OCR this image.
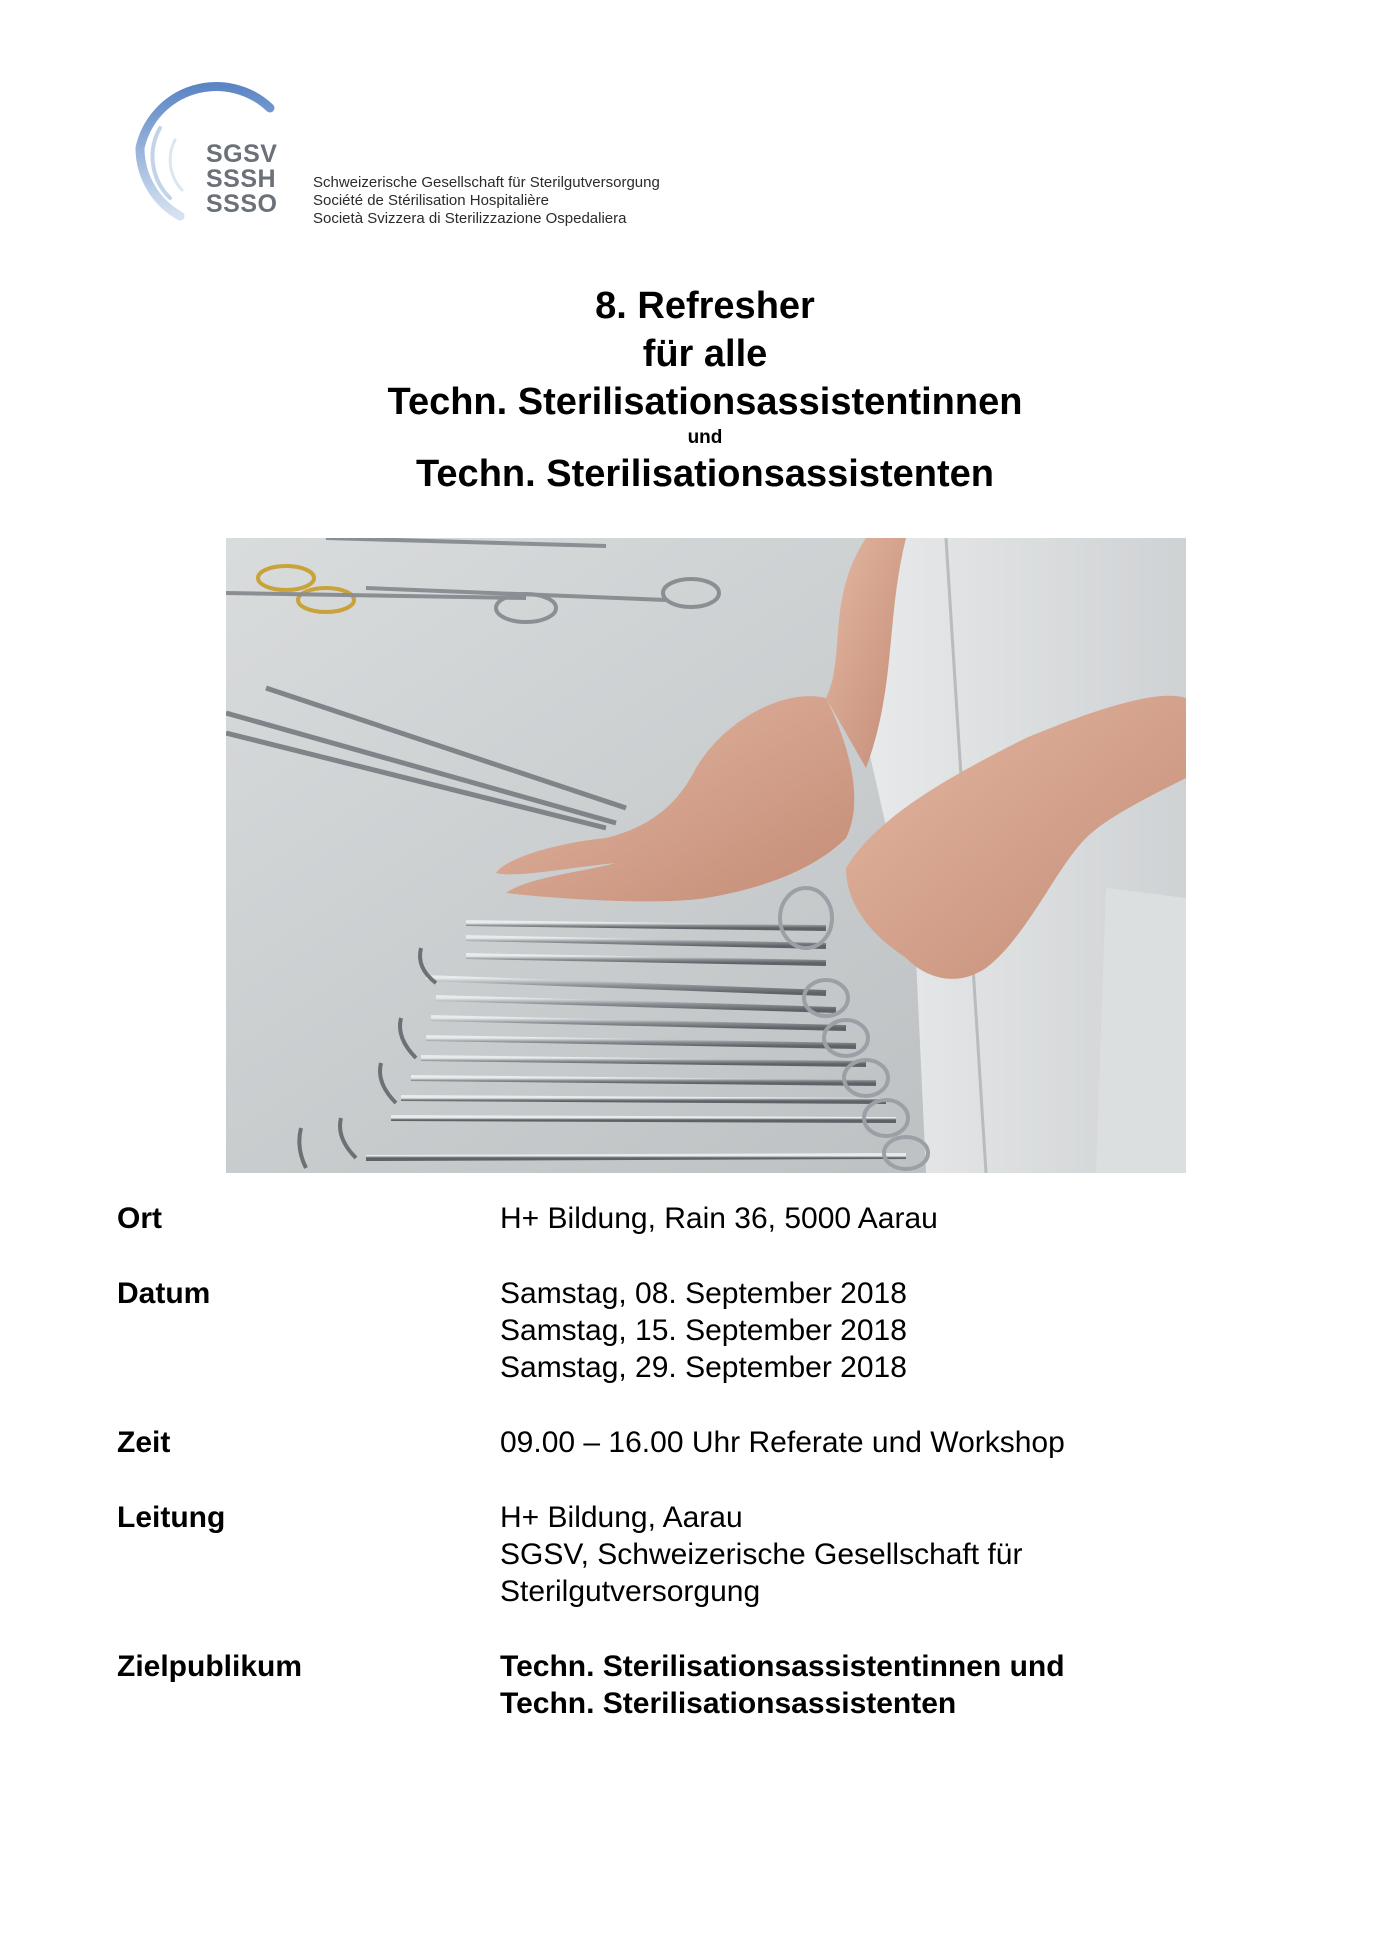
SGSV
SSSH
SSSO
Schweizerische Gesellschaft für Sterilgutversorgung
Société de Stérilisation Hospitalière
Società Svizzera di Sterilizzazione Ospedaliera
8. Refresher
für alle
Techn. Sterilisationsassistentinnen
und
Techn. Sterilisationsassistenten
Ort	H+ Bildung, Rain 36, 5000 Aarau
Datum	Samstag, 08. September 2018
Samstag, 15. September 2018
Samstag, 29. September 2018
Zeit	09.00 – 16.00 Uhr Referate und Workshop
Leitung	H+ Bildung, Aarau
SGSV, Schweizerische Gesellschaft für
Sterilgutversorgung
Zielpublikum	Techn. Sterilisationsassistentinnen und
Techn. Sterilisationsassistenten
